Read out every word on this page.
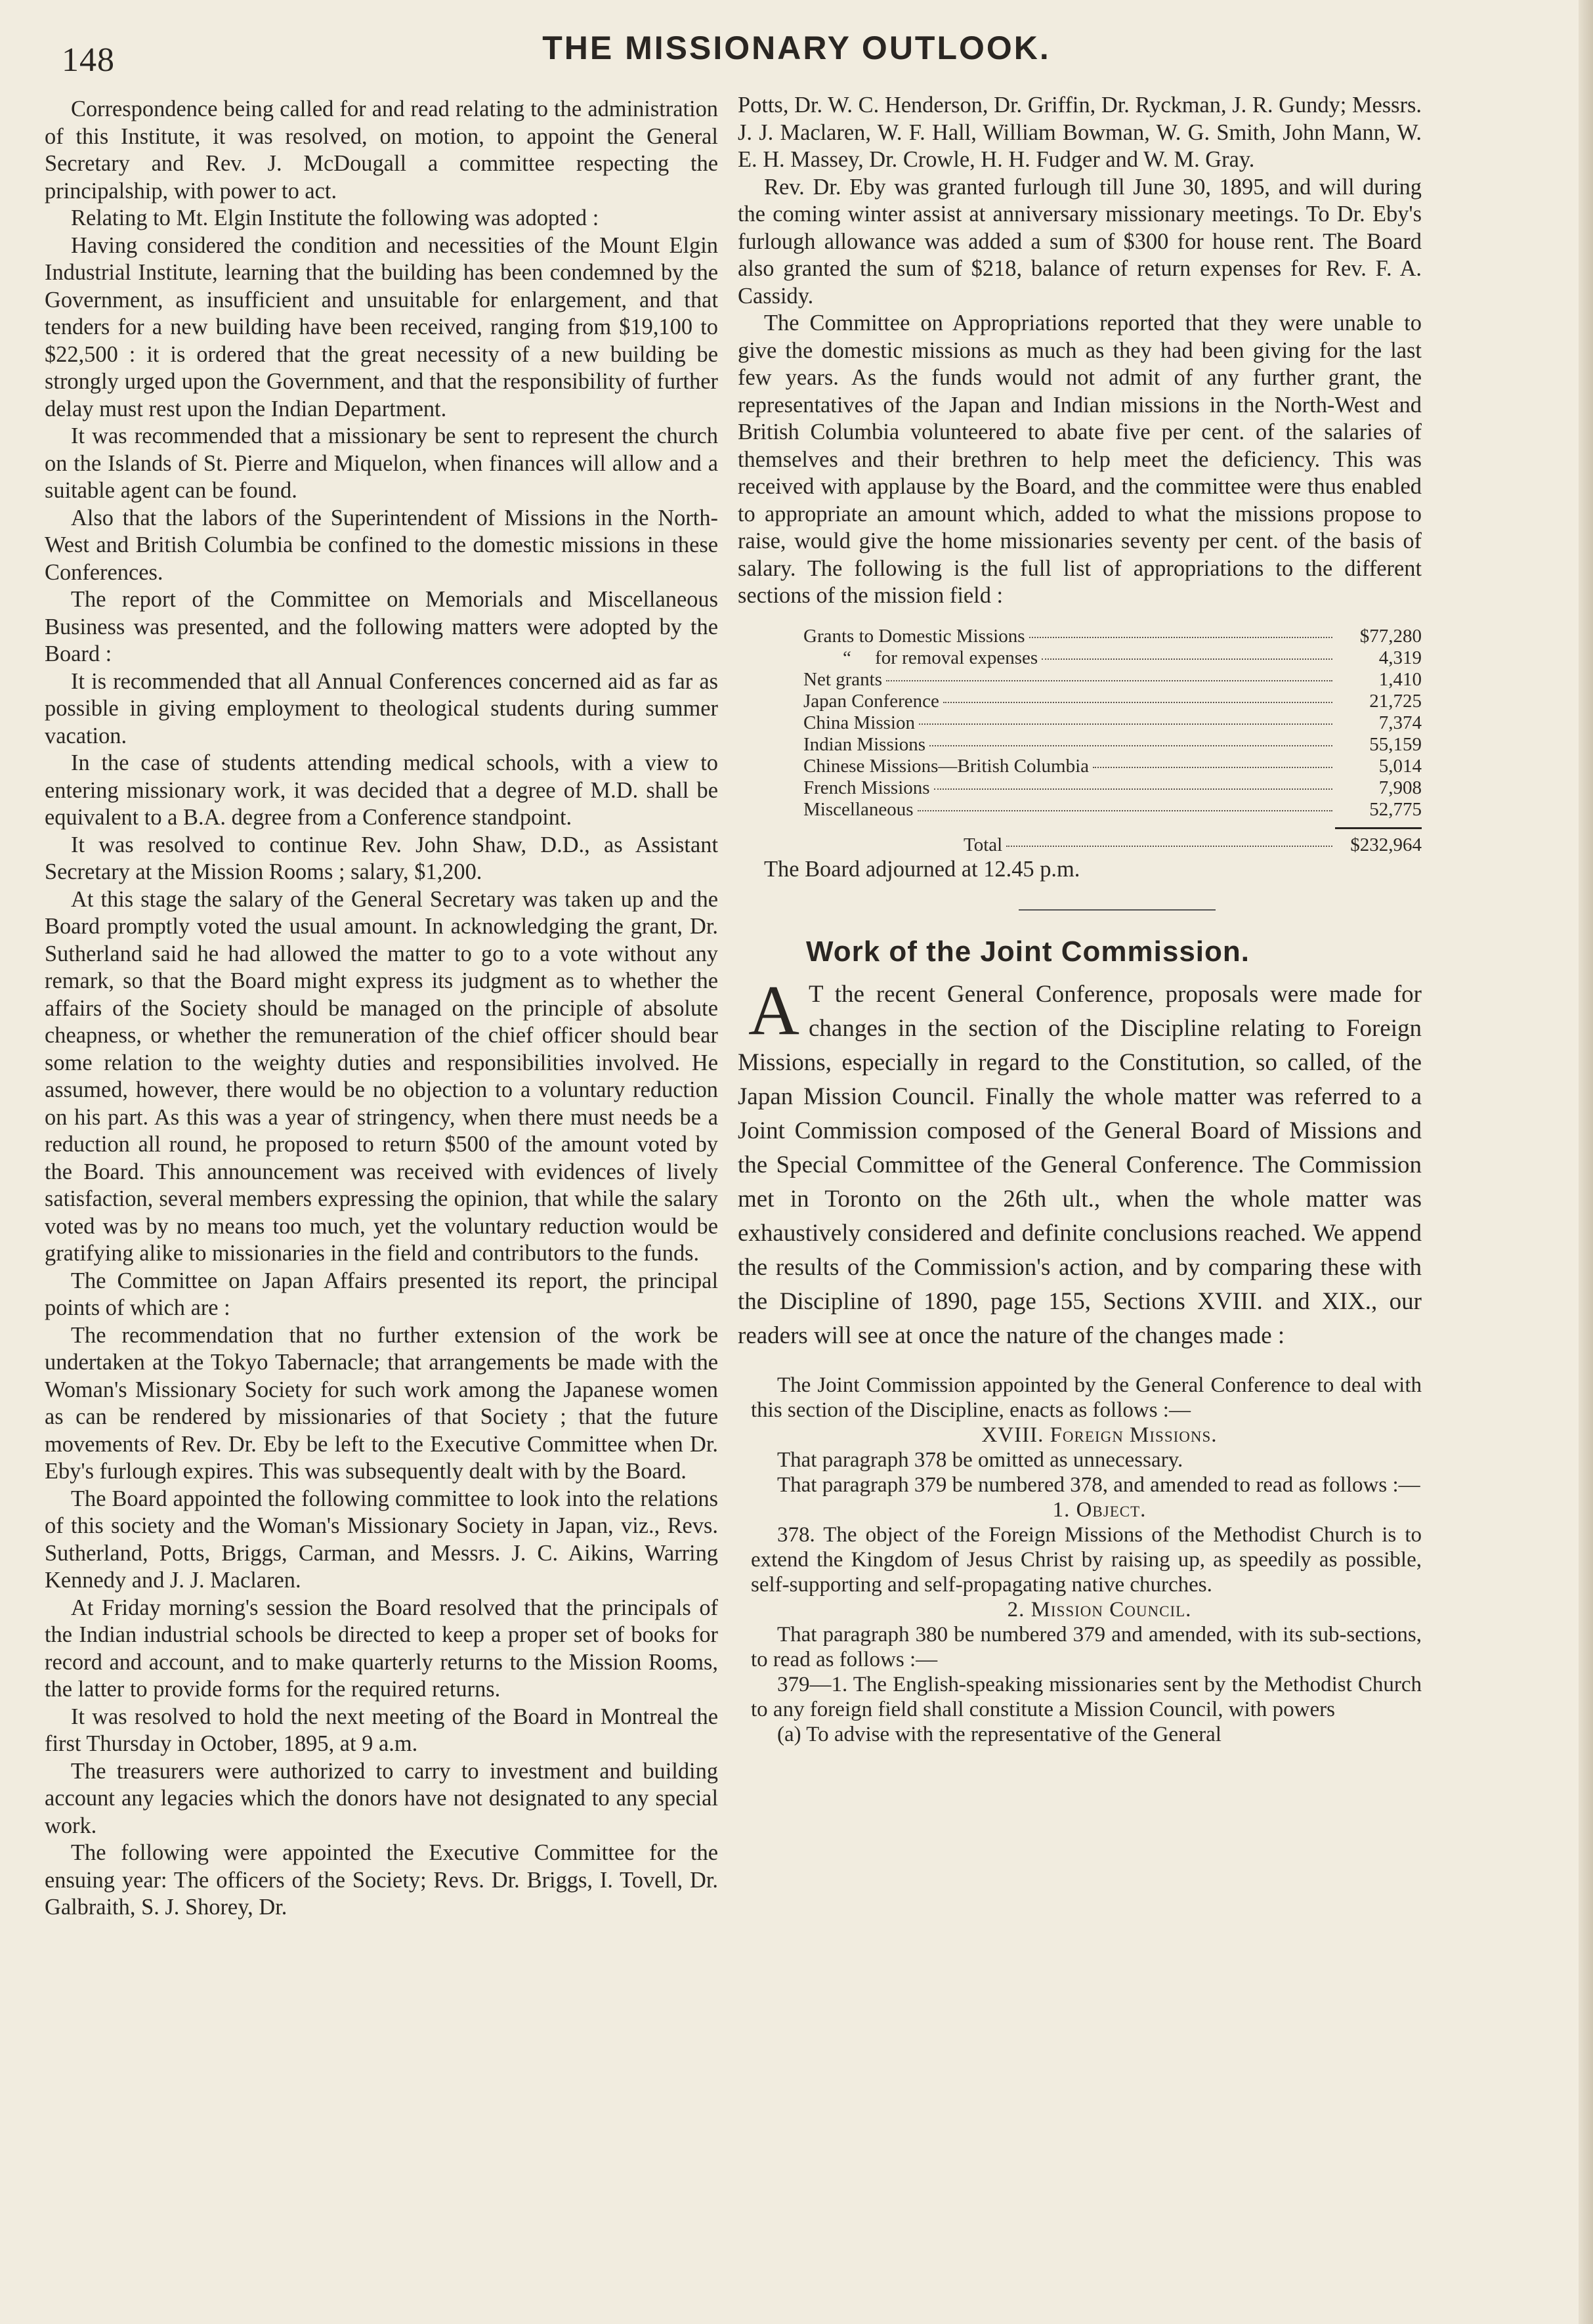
148	THE MISSIONARY OUTLOOK.

Correspondence being called for and read relating to the administration of this Institute, it was resolved, on motion, to appoint the General Secretary and Rev. J. McDougall a committee respecting the principalship, with power to act.

Relating to Mt. Elgin Institute the following was adopted :

Having considered the condition and necessities of the Mount Elgin Industrial Institute, learning that the building has been condemned by the Government, as insufficient and unsuitable for enlargement, and that tenders for a new building have been received, ranging from $19,100 to $22,500 : it is ordered that the great necessity of a new building be strongly urged upon the Government, and that the responsibility of further delay must rest upon the Indian Department.

It was recommended that a missionary be sent to represent the church on the Islands of St. Pierre and Miquelon, when finances will allow and a suitable agent can be found.

Also that the labors of the Superintendent of Missions in the North-West and British Columbia be confined to the domestic missions in these Conferences.

The report of the Committee on Memorials and Miscellaneous Business was presented, and the following matters were adopted by the Board :

It is recommended that all Annual Conferences concerned aid as far as possible in giving employment to theological students during summer vacation.

In the case of students attending medical schools, with a view to entering missionary work, it was decided that a degree of M.D. shall be equivalent to a B.A. degree from a Conference standpoint.

It was resolved to continue Rev. John Shaw, D.D., as Assistant Secretary at the Mission Rooms ; salary, $1,200.

At this stage the salary of the General Secretary was taken up and the Board promptly voted the usual amount. In acknowledging the grant, Dr. Sutherland said he had allowed the matter to go to a vote without any remark, so that the Board might express its judgment as to whether the affairs of the Society should be managed on the principle of absolute cheapness, or whether the remuneration of the chief officer should bear some relation to the weighty duties and responsibilities involved. He assumed, however, there would be no objection to a voluntary reduction on his part. As this was a year of stringency, when there must needs be a reduction all round, he proposed to return $500 of the amount voted by the Board. This announcement was received with evidences of lively satisfaction, several members expressing the opinion, that while the salary voted was by no means too much, yet the voluntary reduction would be gratifying alike to missionaries in the field and contributors to the funds.

The Committee on Japan Affairs presented its report, the principal points of which are :

The recommendation that no further extension of the work be undertaken at the Tokyo Tabernacle; that arrangements be made with the Woman's Missionary Society for such work among the Japanese women as can be rendered by missionaries of that Society ; that the future movements of Rev. Dr. Eby be left to the Executive Committee when Dr. Eby's furlough expires. This was subsequently dealt with by the Board.

The Board appointed the following committee to look into the relations of this society and the Woman's Missionary Society in Japan, viz., Revs. Sutherland, Potts, Briggs, Carman, and Messrs. J. C. Aikins, Warring Kennedy and J. J. Maclaren.

At Friday morning's session the Board resolved that the principals of the Indian industrial schools be directed to keep a proper set of books for record and account, and to make quarterly returns to the Mission Rooms, the latter to provide forms for the required returns.

It was resolved to hold the next meeting of the Board in Montreal the first Thursday in October, 1895, at 9 a.m.

The treasurers were authorized to carry to investment and building account any legacies which the donors have not designated to any special work.

The following were appointed the Executive Committee for the ensuing year: The officers of the Society; Revs. Dr. Briggs, I. Tovell, Dr. Galbraith, S. J. Shorey, Dr.

Potts, Dr. W. C. Henderson, Dr. Griffin, Dr. Ryckman, J. R. Gundy; Messrs. J. J. Maclaren, W. F. Hall, William Bowman, W. G. Smith, John Mann, W. E. H. Massey, Dr. Crowle, H. H. Fudger and W. M. Gray.

Rev. Dr. Eby was granted furlough till June 30, 1895, and will during the coming winter assist at anniversary missionary meetings. To Dr. Eby's furlough allowance was added a sum of $300 for house rent. The Board also granted the sum of $218, balance of return expenses for Rev. F. A. Cassidy.

The Committee on Appropriations reported that they were unable to give the domestic missions as much as they had been giving for the last few years. As the funds would not admit of any further grant, the representatives of the Japan and Indian missions in the North-West and British Columbia volunteered to abate five per cent. of the salaries of themselves and their brethren to help meet the deficiency. This was received with applause by the Board, and the committee were thus enabled to appropriate an amount which, added to what the missions propose to raise, would give the home missionaries seventy per cent. of the basis of salary. The following is the full list of appropriations to the different sections of the mission field :

Grants to Domestic Missions	$77,280
“     for removal expenses	4,319
Net grants	1,410
Japan Conference	21,725
China Mission	7,374
Indian Missions	55,159
Chinese Missions—British Columbia	5,014
French Missions	7,908
Miscellaneous	52,775
Total	$232,964

The Board adjourned at 12.45 p.m.

Work of the Joint Commission.
A T the recent General Conference, proposals were made for changes in the section of the Discipline relating to Foreign Missions, especially in regard to the Constitution, so called, of the Japan Mission Council. Finally the whole matter was referred to a Joint Commission composed of the General Board of Missions and the Special Committee of the General Conference. The Commission met in Toronto on the 26th ult., when the whole matter was exhaustively considered and definite conclusions reached. We append the results of the Commission's action, and by comparing these with the Discipline of 1890, page 155, Sections XVIII. and XIX., our readers will see at once the nature of the changes made :

The Joint Commission appointed by the General Conference to deal with this section of the Discipline, enacts as follows :—

XVIII. Foreign Missions.

That paragraph 378 be omitted as unnecessary.

That paragraph 379 be numbered 378, and amended to read as follows :—

1. Object.

378. The object of the Foreign Missions of the Methodist Church is to extend the Kingdom of Jesus Christ by raising up, as speedily as possible, self-supporting and self-propagating native churches.

2. Mission Council.

That paragraph 380 be numbered 379 and amended, with its sub-sections, to read as follows :—

379—1. The English-speaking missionaries sent by the Methodist Church to any foreign field shall constitute a Mission Council, with powers

(a) To advise with the representative of the General
